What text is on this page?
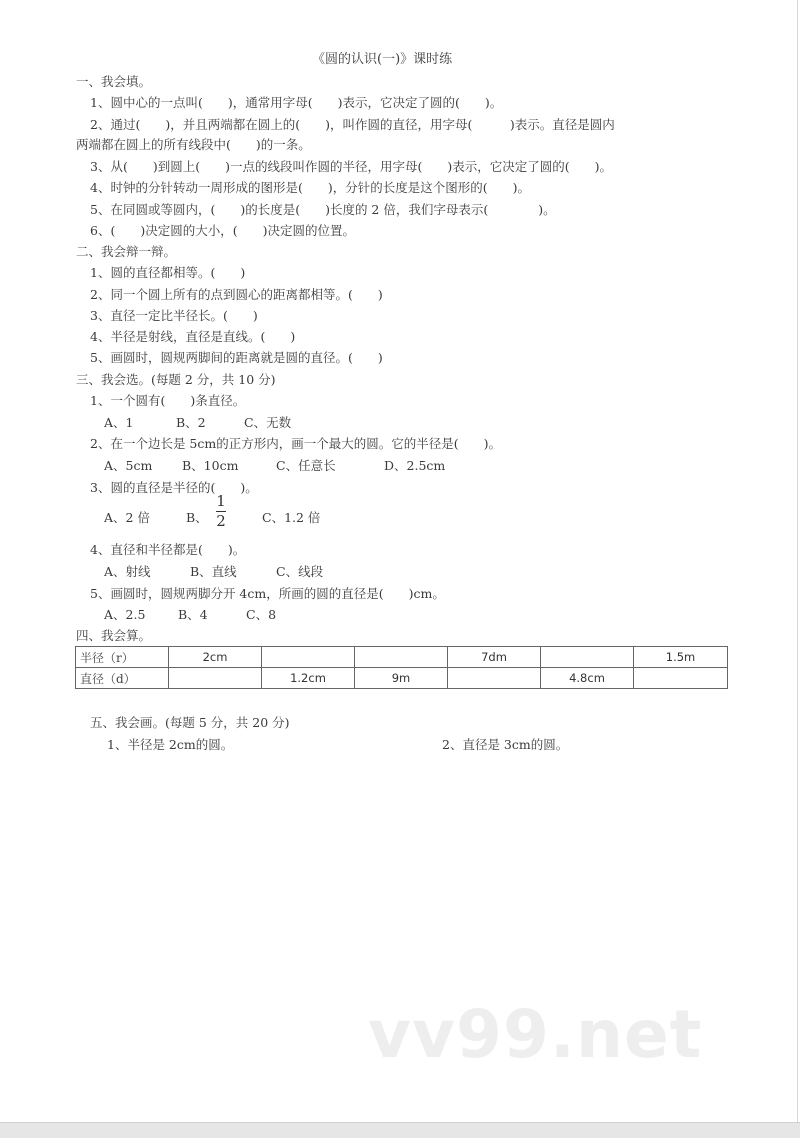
《圆的认识(一)》课时练
一、我会填。
1、圆中心的一点叫(　　)，通常用字母(　　)表示，它决定了圆的(　　)。
2、通过(　　)，并且两端都在圆上的(　　)，叫作圆的直径，用字母(　　　)表示。直径是圆内
两端都在圆上的所有线段中(　　)的一条。
3、从(　　)到圆上(　　)一点的线段叫作圆的半径，用字母(　　)表示，它决定了圆的(　　)。
4、时钟的分针转动一周形成的图形是(　　)，分针的长度是这个图形的(　　)。
5、在同圆或等圆内，(　　)的长度是(　　)长度的 2 倍，我们字母表示(　　　　)。
6、(　　)决定圆的大小，(　　)决定圆的位置。
二、我会辩一辩。
1、圆的直径都相等。(　　)
2、同一个圆上所有的点到圆心的距离都相等。(　　)
3、直径一定比半径长。(　　)
4、半径是射线，直径是直线。(　　)
5、画圆时，圆规两脚间的距离就是圆的直径。(　　)
三、我会选。(每题 2 分，共 10 分)
1、一个圆有(　　)条直径。
A、1	B、2	C、无数
2、在一个边长是 5cm的正方形内，画一个最大的圆。它的半径是(　　)。
A、5cm B、10cm	C、任意长	D、2.5cm
3、圆的直径是半径的(　　)。
A、2 倍	B、	C、1.2 倍
1
2
4、直径和半径都是(　　)。
A、射线	B、直线	C、线段
5、画圆时，圆规两脚分开 4cm，所画的圆的直径是(　　)cm。
A、2.5	B、4	C、8
四、我会算。
半径（r）	2cm			7dm		1.5m
直径（d）		1.2cm	9m		4.8cm	
五、我会画。(每题 5 分，共 20 分)
1、半径是 2cm的圆。	2、直径是 3cm的圆。
vv99.net
